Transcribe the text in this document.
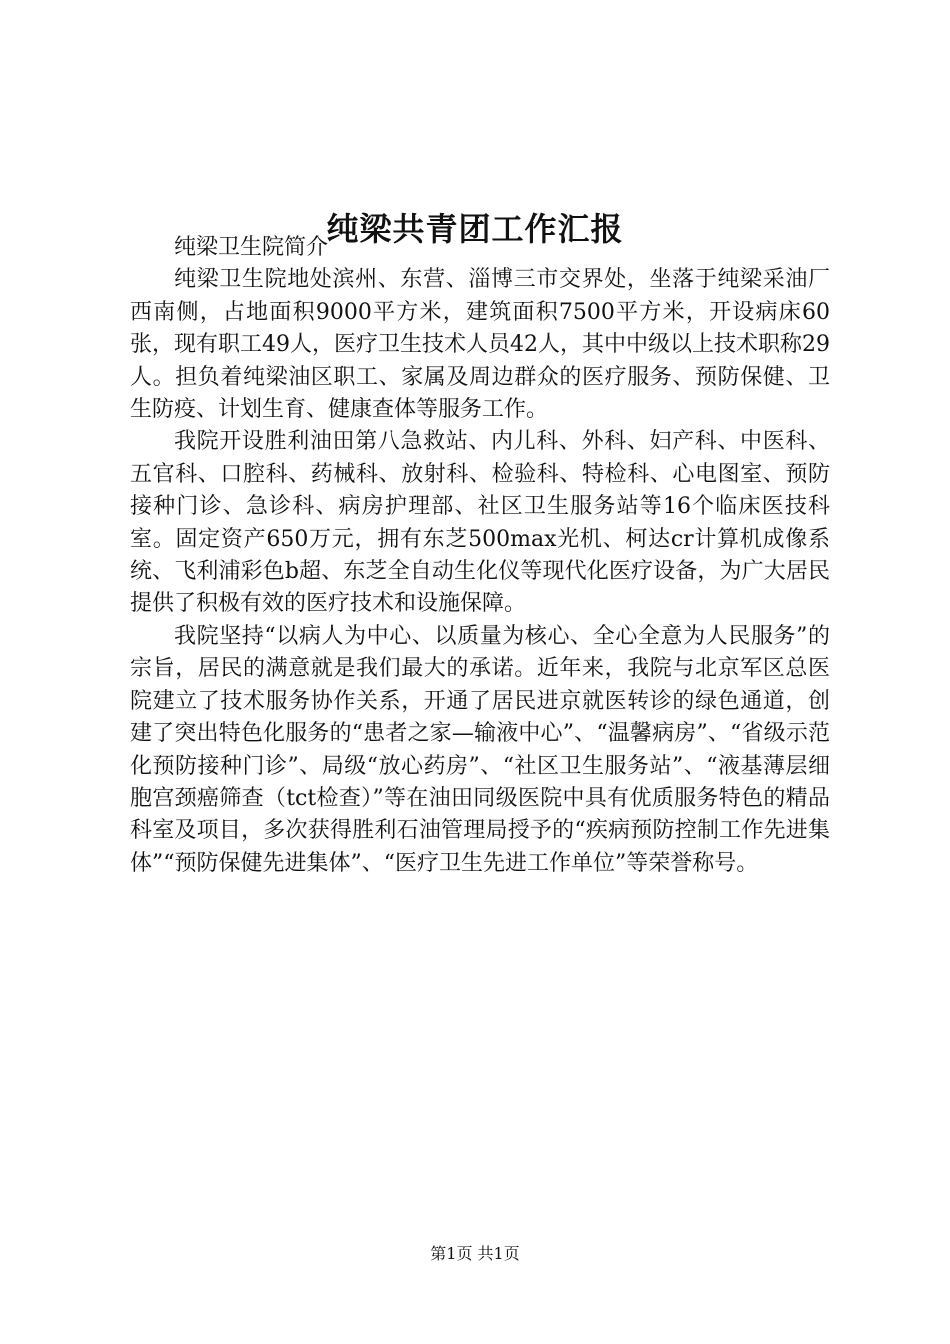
纯梁共青团工作汇报

纯梁卫生院简介

纯梁卫生院地处滨州、东营、淄博三市交界处，坐落于纯梁采油厂西南侧，占地面积9000平方米，建筑面积7500平方米，开设病床60张，现有职工49人，医疗卫生技术人员42人，其中中级以上技术职称29人。担负着纯梁油区职工、家属及周边群众的医疗服务、预防保健、卫生防疫、计划生育、健康查体等服务工作。

我院开设胜利油田第八急救站、内儿科、外科、妇产科、中医科、五官科、口腔科、药械科、放射科、检验科、特检科、心电图室、预防接种门诊、急诊科、病房护理部、社区卫生服务站等16个临床医技科室。固定资产650万元，拥有东芝500max光机、柯达cr计算机成像系统、飞利浦彩色b超、东芝全自动生化仪等现代化医疗设备，为广大居民提供了积极有效的医疗技术和设施保障。

我院坚持“以病人为中心、以质量为核心、全心全意为人民服务”的宗旨，居民的满意就是我们最大的承诺。近年来，我院与北京军区总医院建立了技术服务协作关系，开通了居民进京就医转诊的绿色通道，创建了突出特色化服务的“患者之家—输液中心”、“温馨病房”、“省级示范化预防接种门诊”、局级“放心药房”、“社区卫生服务站”、“液基薄层细胞宫颈癌筛查（tct检查）”等在油田同级医院中具有优质服务特色的精品科室及项目，多次获得胜利石油管理局授予的“疾病预防控制工作先进集体”“预防保健先进集体”、“医疗卫生先进工作单位”等荣誉称号。

第1页 共1页
